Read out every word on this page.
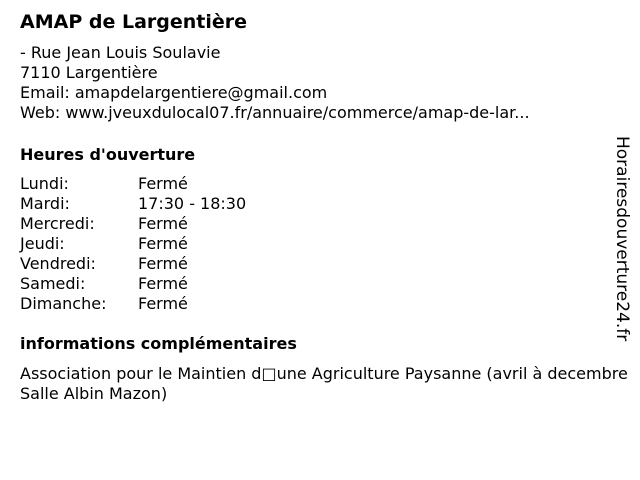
AMAP de Largentière
- Rue Jean Louis Soulavie
7110 Largentière
Email: amapdelargentiere@gmail.com
Web: www.jveuxdulocal07.fr/annuaire/commerce/amap-de-lar...
Heures d'ouverture
Lundi:	Fermé
Mardi:	17:30 - 18:30
Mercredi:	Fermé
Jeudi:	Fermé
Vendredi:	Fermé
Samedi:	Fermé
Dimanche:	Fermé
informations complémentaires
Association pour le Maintien d□une Agriculture Paysanne (avril à decembre Salle Albin Mazon)
Horairesdouverture24.fr
